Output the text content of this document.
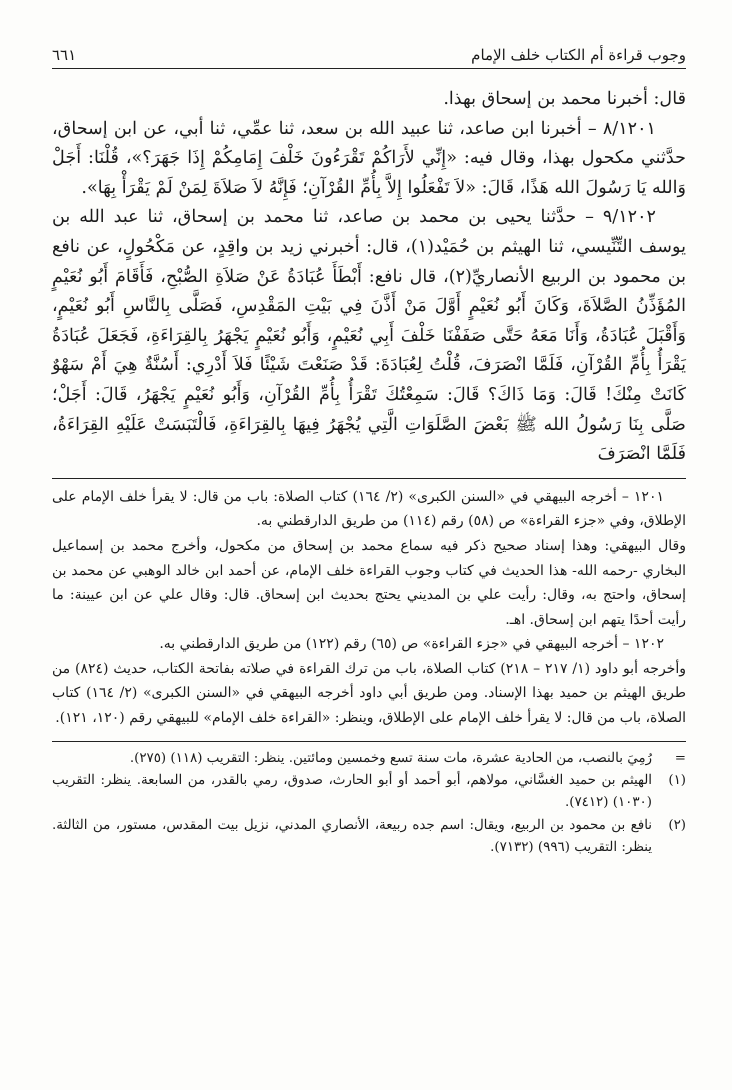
وجوب قراءة أم الكتاب خلف الإمام
٦٦١

قال: أخبرنا محمد بن إسحاق بهذا.

٨/١٢٠١ – أخبرنا ابن صاعد، ثنا عبيد الله بن سعد، ثنا عمِّي، ثنا أبي، عن ابن إسحاق، حدَّثني مكحول بهذا، وقال فيه: «إِنِّي لأَرَاكُمْ تَقْرَءُونَ خَلْفَ إِمَامِكُمْ إِذَا جَهَرَ؟»، قُلْنَا: أَجَلْ وَالله يَا رَسُولَ الله هَذًا، قَالَ: «لاَ تَفْعَلُوا إِلاَّ بِأُمِّ القُرْآنِ؛ فَإِنَّهُ لاَ صَلاَةَ لِمَنْ لَمْ يَقْرَأْ بِهَا».

٩/١٢٠٢ – حدَّثنا يحيى بن محمد بن صاعد، ثنا محمد بن إسحاق، ثنا عبد الله بن يوسف التِّنِّيسي، ثنا الهيثم بن حُمَيْد(١)، قال: أخبرني زيد بن واقِدٍ، عن مَكْحُولٍ، عن نافع بن محمود بن الربيع الأنصاريِّ(٢)، قال نافع: أَبْطَأَ عُبَادَةُ عَنْ صَلاَةِ الصُّبْحِ، فَأَقَامَ أَبُو نُعَيْمٍ المُؤَذِّنُ الصَّلاَةَ، وَكَانَ أَبُو نُعَيْمٍ أَوَّلَ مَنْ أَذَّنَ فِي بَيْتِ المَقْدِسِ، فَصَلَّى بِالنَّاسِ أَبُو نُعَيْمٍ، وَأَقْبَلَ عُبَادَةُ، وَأَنَا مَعَهُ حَتَّى صَفَفْنَا خَلْفَ أَبِي نُعَيْمٍ، وَأَبُو نُعَيْمٍ يَجْهَرُ بِالقِرَاءَةِ، فَجَعَلَ عُبَادَةُ يَقْرَأُ بِأُمِّ القُرْآنِ، فَلَمَّا انْصَرَفَ، قُلْتُ لِعُبَادَةَ: قَدْ صَنَعْتَ شَيْئًا فَلاَ أَدْرِي: أَسُنَّةٌ هِيَ أَمْ سَهْوٌ كَانَتْ مِنْكَ! قَالَ: وَمَا ذَاكَ؟ قَالَ: سَمِعْتُكَ تَقْرَأُ بِأُمِّ القُرْآنِ، وَأَبُو نُعَيْمٍ يَجْهَرُ، قَالَ: أَجَلْ؛ صَلَّى بِنَا رَسُولُ الله ﷺ بَعْضَ الصَّلَوَاتِ الَّتِي يُجْهَرُ فِيهَا بِالقِرَاءَةِ، فَالْتَبَسَتْ عَلَيْهِ القِرَاءَةُ، فَلَمَّا انْصَرَفَ

١٢٠١ – أخرجه البيهقي في «السنن الكبرى» (٢/ ١٦٤) كتاب الصلاة: باب من قال: لا يقرأ خلف الإمام على الإطلاق، وفي «جزء القراءة» ص (٥٨) رقم (١١٤) من طريق الدارقطني به.

وقال البيهقي: وهذا إسناد صحيح ذكر فيه سماع محمد بن إسحاق من مكحول، وأخرج محمد بن إسماعيل البخاري -رحمه الله- هذا الحديث في كتاب وجوب القراءة خلف الإمام، عن أحمد ابن خالد الوهبي عن محمد بن إسحاق، واحتج به، وقال: رأيت علي بن المديني يحتج بحديث ابن إسحاق. قال: وقال علي عن ابن عيينة: ما رأيت أحدًا يتهم ابن إسحاق. اهـ.

١٢٠٢ – أخرجه البيهقي في «جزء القراءة» ص (٦٥) رقم (١٢٢) من طريق الدارقطني به.

وأخرجه أبو داود (١/ ٢١٧ – ٢١٨) كتاب الصلاة، باب من ترك القراءة في صلاته بفاتحة الكتاب، حديث (٨٢٤) من طريق الهيثم بن حميد بهذا الإسناد. ومن طريق أبي داود أخرجه البيهقي في «السنن الكبرى» (٢/ ١٦٤) كتاب الصلاة، باب من قال: لا يقرأ خلف الإمام على الإطلاق، وينظر: «القراءة خلف الإمام» للبيهقي رقم (١٢٠، ١٢١).

=
رُمِيَ بالنصب، من الحادية عشرة، مات سنة تسع وخمسين ومائتين. ينظر: التقريب (١١٨) (٢٧٥).
(١)
الهيثم بن حميد الغسَّاني، مولاهم، أبو أحمد أو أبو الحارث، صدوق، رمي بالقدر، من السابعة. ينظر: التقريب (١٠٣٠) (٧٤١٢).
(٢)
نافع بن محمود بن الربيع، ويقال: اسم جده ربيعة، الأنصاري المدني، نزيل بيت المقدس، مستور، من الثالثة. ينظر: التقريب (٩٩٦) (٧١٣٢).
